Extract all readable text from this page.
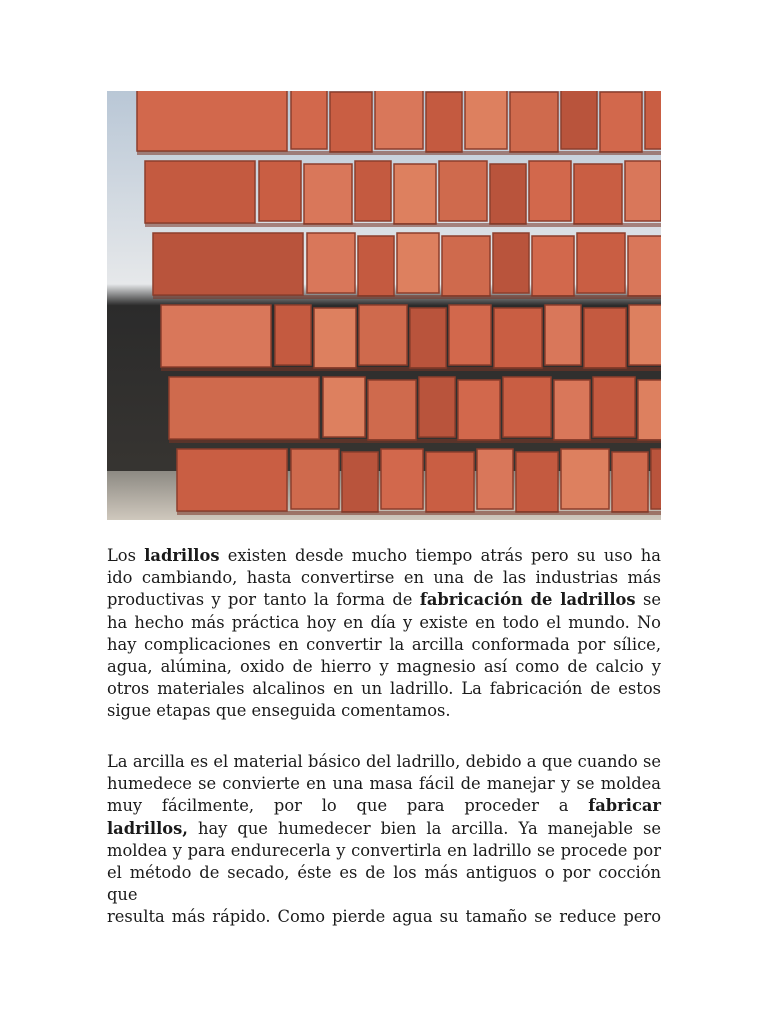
Los ladrillos existen desde mucho tiempo atrás pero su uso ha
ido cambiando, hasta convertirse en una de las industrias más
productivas y por tanto la forma de fabricación de ladrillos se
ha hecho más práctica hoy en día y existe en todo el mundo. No
hay complicaciones en convertir la arcilla conformada por sílice,
agua, alúmina, oxido de hierro y magnesio así como de calcio y
otros materiales alcalinos en un ladrillo. La fabricación de estos
sigue etapas que enseguida comentamos.
La arcilla es el material básico del ladrillo, debido a que cuando se
humedece se convierte en una masa fácil de manejar y se moldea
muy fácilmente, por lo que para proceder a fabricar
ladrillos, hay que humedecer bien la arcilla. Ya manejable se
moldea y para endurecerla y convertirla en ladrillo se procede por
el método de secado, éste es de los más antiguos o por cocción que
resulta más rápido. Como pierde agua su tamaño se reduce pero
